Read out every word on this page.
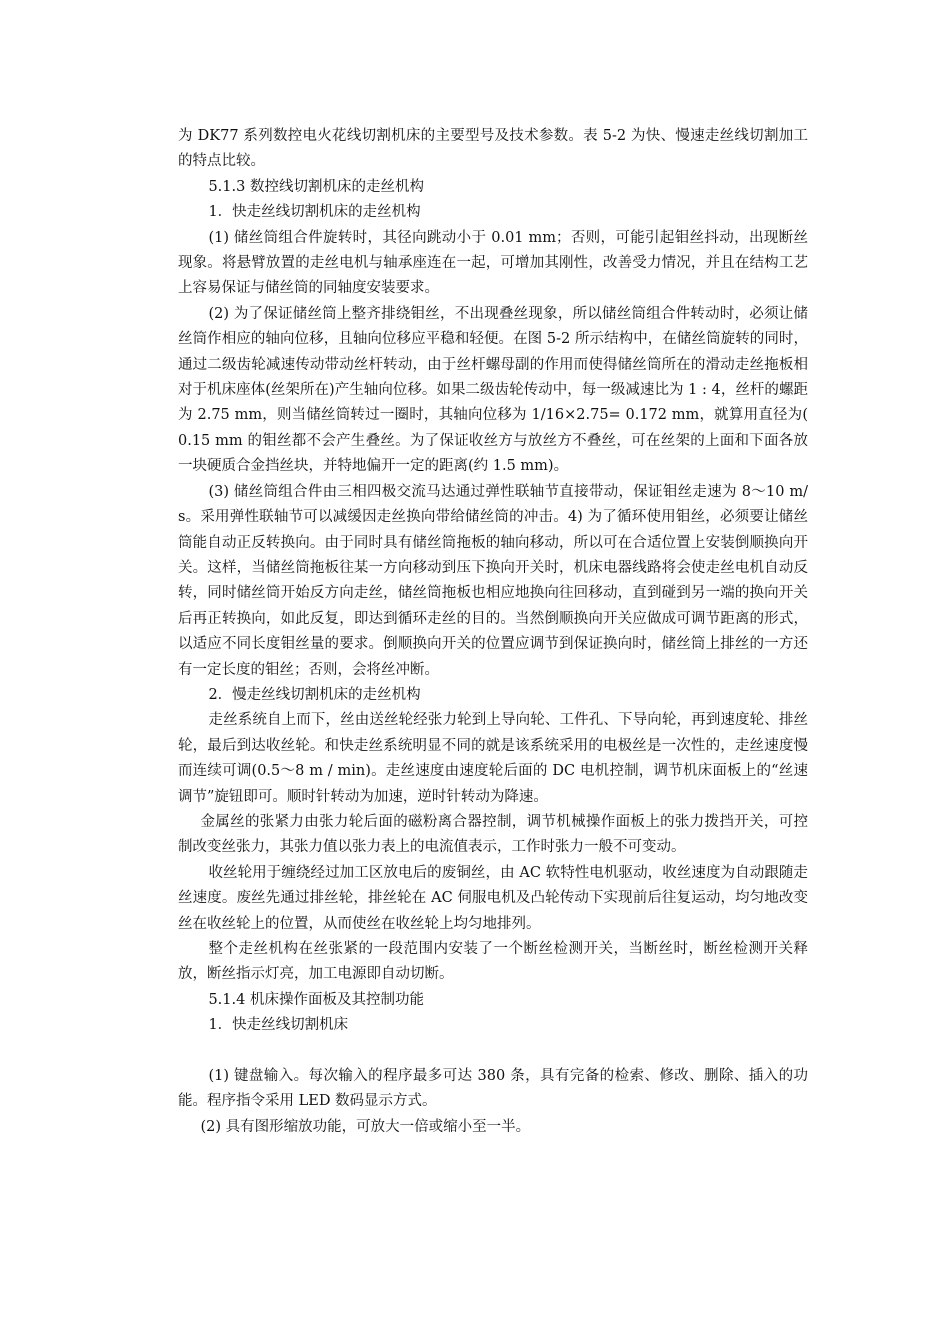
为 DK77 系列数控电火花线切割机床的主要型号及技术参数。表 5-2 为快、慢速走丝线切割加工的特点比较。

5.1.3 数控线切割机床的走丝机构

1．快走丝线切割机床的走丝机构

(1) 储丝筒组合件旋转时，其径向跳动小于 0.01 mm；否则，可能引起钼丝抖动，出现断丝现象。将悬臂放置的走丝电机与轴承座连在一起，可增加其刚性，改善受力情况，并且在结构工艺上容易保证与储丝筒的同轴度安装要求。

(2) 为了保证储丝筒上整齐排绕钼丝，不出现叠丝现象，所以储丝筒组合件转动时，必须让储丝筒作相应的轴向位移，且轴向位移应平稳和轻便。在图 5-2 所示结构中，在储丝筒旋转的同时，通过二级齿轮减速传动带动丝杆转动，由于丝杆螺母副的作用而使得储丝筒所在的滑动走丝拖板相对于机床座体(丝架所在)产生轴向位移。如果二级齿轮传动中，每一级减速比为 1 : 4，丝杆的螺距为 2.75 mm，则当储丝筒转过一圈时，其轴向位移为 1/16×2.75= 0.172 mm，就算用直径为( 0.15 mm 的钼丝都不会产生叠丝。为了保证收丝方与放丝方不叠丝，可在丝架的上面和下面各放一块硬质合金挡丝块，并特地偏开一定的距离(约 1.5 mm)。

(3) 储丝筒组合件由三相四极交流马达通过弹性联轴节直接带动，保证钼丝走速为 8～10 m/s。采用弹性联轴节可以减缓因走丝换向带给储丝筒的冲击。4) 为了循环使用钼丝，必须要让储丝筒能自动正反转换向。由于同时具有储丝筒拖板的轴向移动，所以可在合适位置上安装倒顺换向开关。这样，当储丝筒拖板往某一方向移动到压下换向开关时，机床电器线路将会使走丝电机自动反转，同时储丝筒开始反方向走丝，储丝筒拖板也相应地换向往回移动，直到碰到另一端的换向开关后再正转换向，如此反复，即达到循环走丝的目的。当然倒顺换向开关应做成可调节距离的形式，以适应不同长度钼丝量的要求。倒顺换向开关的位置应调节到保证换向时，储丝筒上排丝的一方还有一定长度的钼丝；否则，会将丝冲断。

2．慢走丝线切割机床的走丝机构

走丝系统自上而下，丝由送丝轮经张力轮到上导向轮、工件孔、下导向轮，再到速度轮、排丝轮，最后到达收丝轮。和快走丝系统明显不同的就是该系统采用的电极丝是一次性的，走丝速度慢而连续可调(0.5～8 m / min)。走丝速度由速度轮后面的 DC 电机控制，调节机床面板上的“丝速调节”旋钮即可。顺时针转动为加速，逆时针转动为降速。

金属丝的张紧力由张力轮后面的磁粉离合器控制，调节机械操作面板上的张力拨挡开关，可控制改变丝张力，其张力值以张力表上的电流值表示，工作时张力一般不可变动。

收丝轮用于缠绕经过加工区放电后的废铜丝，由 AC 软特性电机驱动，收丝速度为自动跟随走丝速度。废丝先通过排丝轮，排丝轮在 AC 伺服电机及凸轮传动下实现前后往复运动，均匀地改变丝在收丝轮上的位置，从而使丝在收丝轮上均匀地排列。

整个走丝机构在丝张紧的一段范围内安装了一个断丝检测开关，当断丝时，断丝检测开关释放，断丝指示灯亮，加工电源即自动切断。

5.1.4 机床操作面板及其控制功能

1．快走丝线切割机床

(1) 键盘输入。每次输入的程序最多可达 380 条，具有完备的检索、修改、删除、插入的功能。程序指令采用 LED 数码显示方式。

(2) 具有图形缩放功能，可放大一倍或缩小至一半。
